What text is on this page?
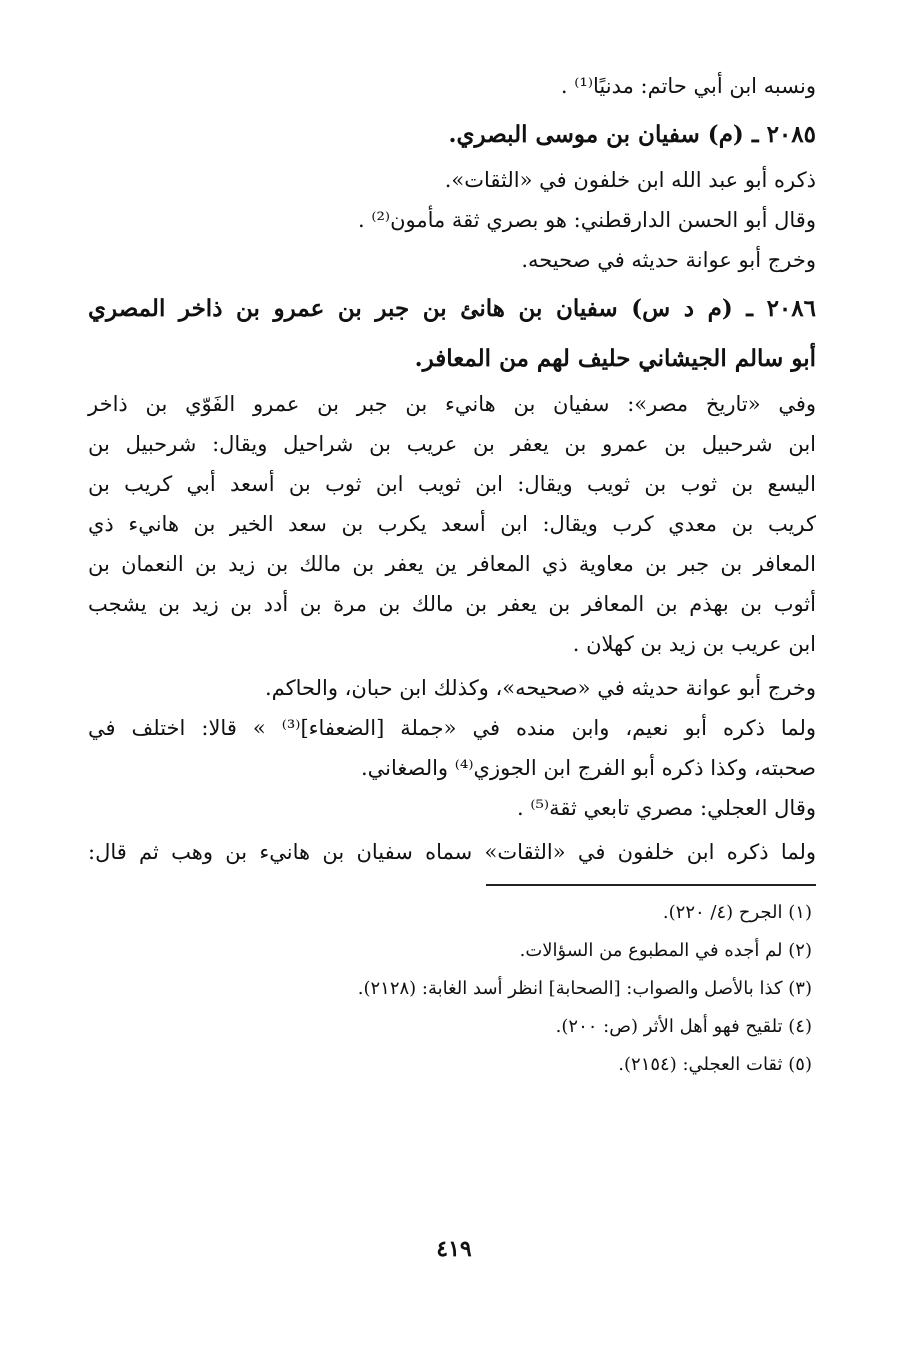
ونسبه ابن أبي حاتم: مدنيًا⁽¹⁾ .
٢٠٨٥ ـ (م) سفيان بن موسى البصري.
ذكره أبو عبد الله ابن خلفون في «الثقات».
وقال أبو الحسن الدارقطني: هو بصري ثقة مأمون⁽²⁾ .
وخرج أبو عوانة حديثه في صحيحه.
٢٠٨٦ ـ (م د س) سفيان بن هانئ بن جبر بن عمرو بن ذاخر المصري
أبو سالم الجيشاني حليف لهم من المعافر.
وفي «تاريخ مصر»: سفيان بن هانيء بن جبر بن عمرو الفَوّي بن ذاخر
ابن شرحبيل بن عمرو بن يعفر بن عريب بن شراحيل ويقال: شرحبيل بن
اليسع بن ثوب بن ثويب ويقال: ابن ثويب ابن ثوب بن أسعد أبي كريب بن
كريب بن معدي كرب ويقال: ابن أسعد يكرب بن سعد الخير بن هانيء ذي
المعافر بن جبر بن معاوية ذي المعافر ين يعفر بن مالك بن زيد بن النعمان بن
أثوب بن بهذم بن المعافر بن يعفر بن مالك بن مرة بن أدد بن زيد بن يشجب
ابن عريب بن زيد بن كهلان .
وخرج أبو عوانة حديثه في «صحيحه»، وكذلك ابن حبان، والحاكم.
ولما ذكره أبو نعيم، وابن منده في «جملة [الضعفاء]⁽³⁾ » قالا: اختلف في
صحبته، وكذا ذكره أبو الفرج ابن الجوزي⁽⁴⁾ والصغاني.
وقال العجلي: مصري تابعي ثقة⁽⁵⁾ .
ولما ذكره ابن خلفون في «الثقات» سماه سفيان بن هانيء بن وهب ثم قال:
(١) الجرح (٤/ ٢٢٠).
(٢) لم أجده في المطبوع من السؤالات.
(٣) كذا بالأصل والصواب: [الصحابة] انظر أسد الغابة: (٢١٢٨).
(٤) تلقيح فهو أهل الأثر (ص: ٢٠٠).
(٥) ثقات العجلي: (٢١٥٤).
٤١٩
